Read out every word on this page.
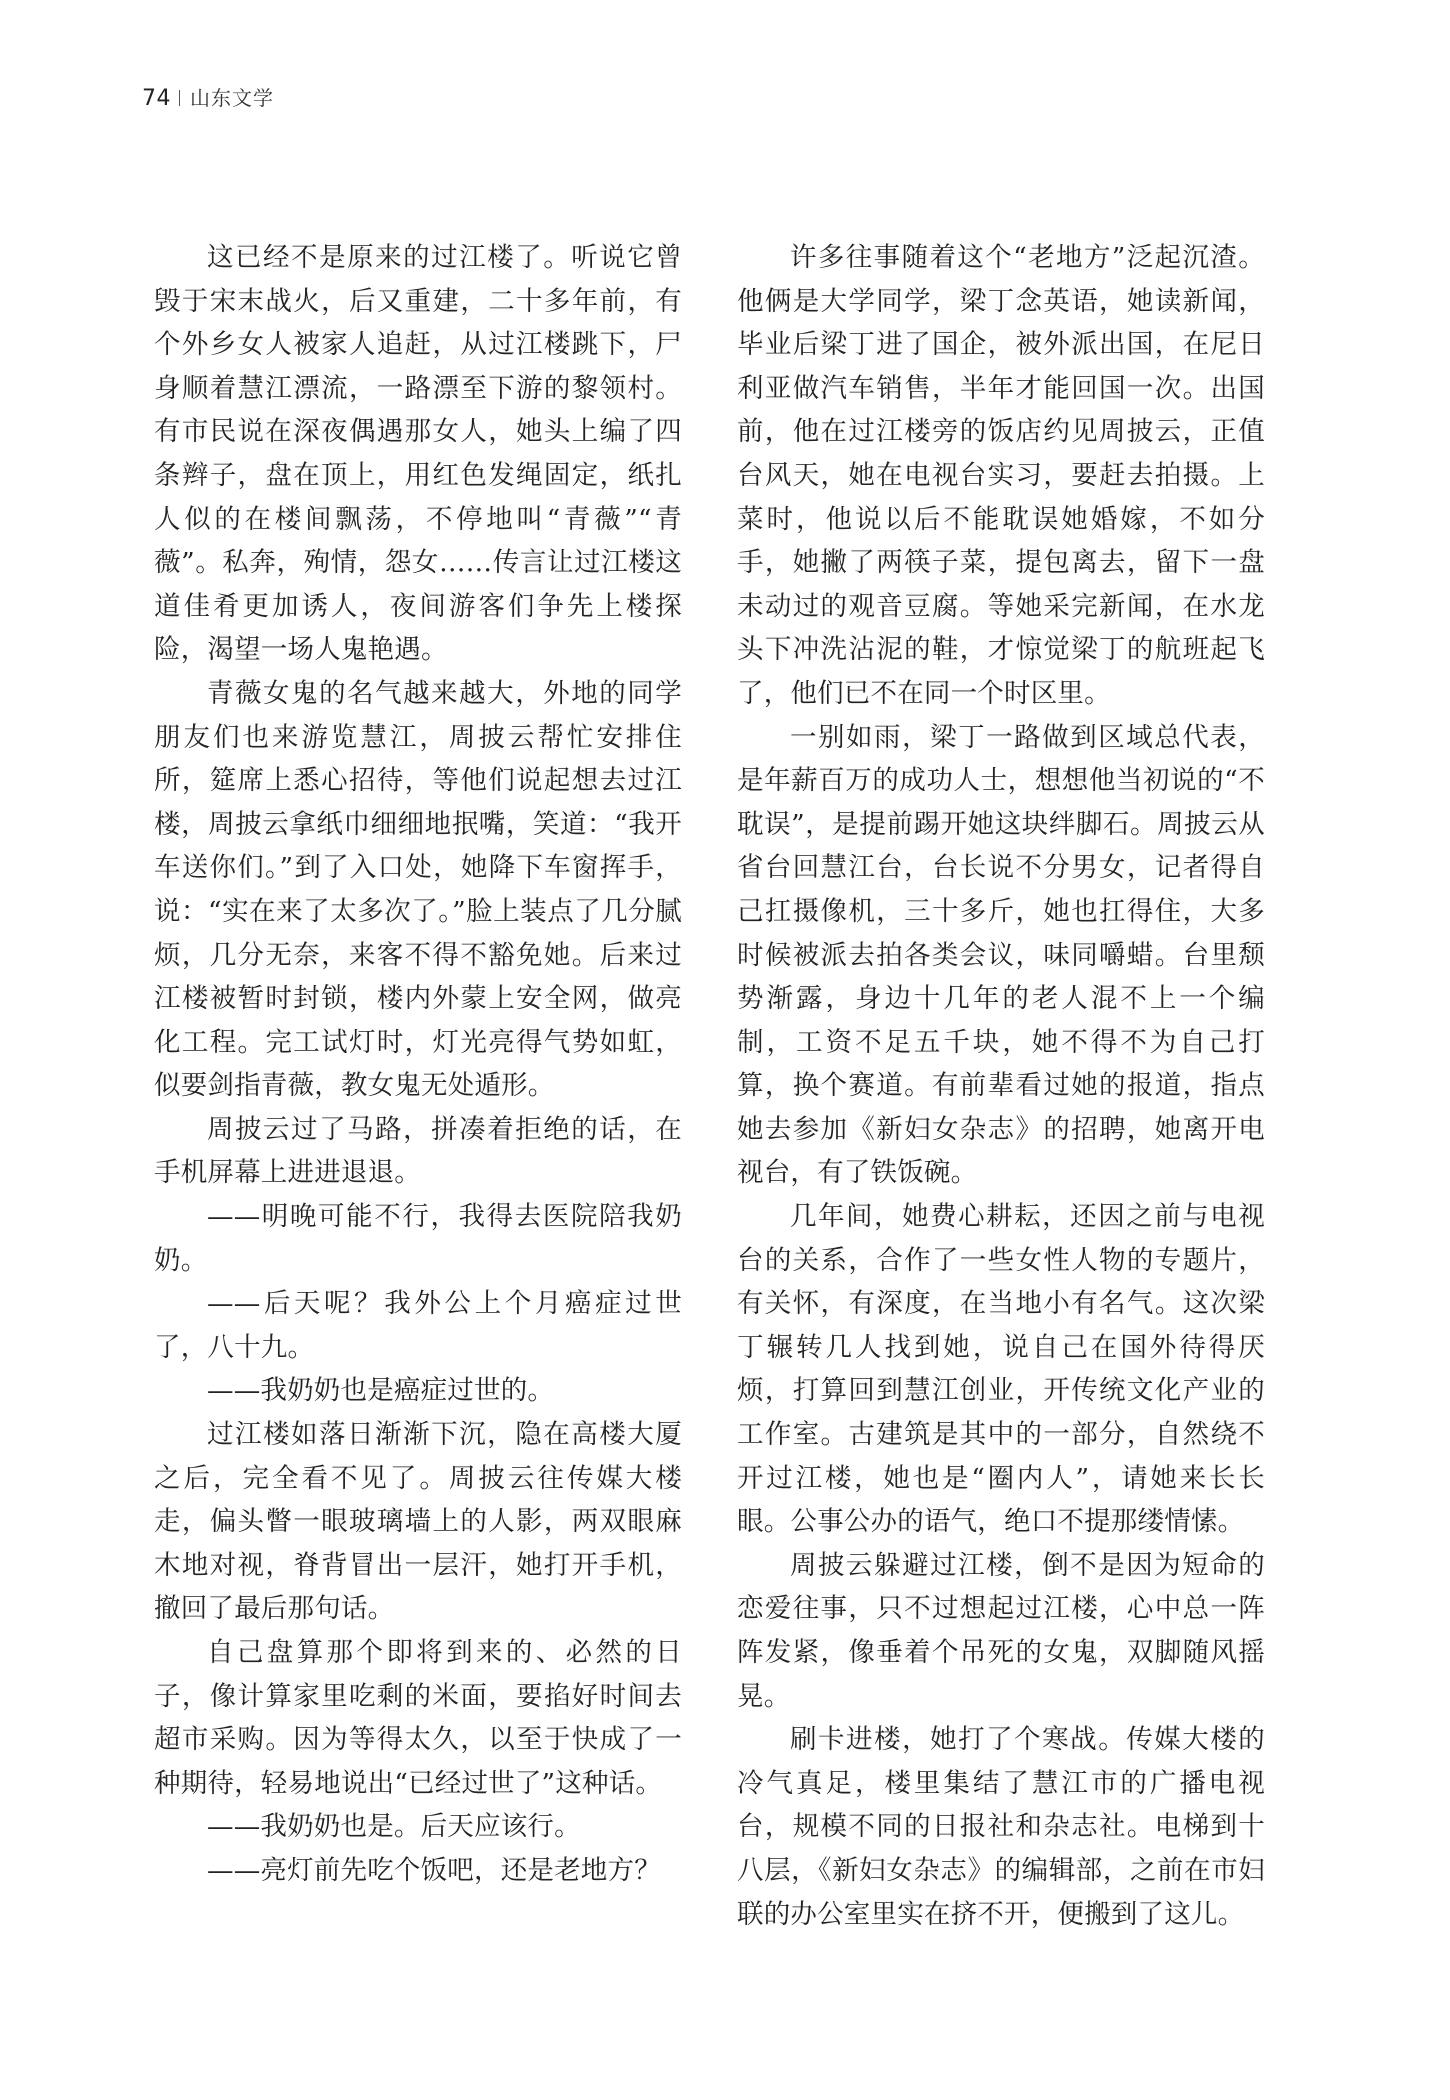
74 山东文学

这已经不是原来的过江楼了。听说它曾毁于宋末战火，后又重建，二十多年前，有个外乡女人被家人追赶，从过江楼跳下，尸身顺着慧江漂流，一路漂至下游的黎领村。有市民说在深夜偶遇那女人，她头上编了四条辫子，盘在顶上，用红色发绳固定，纸扎人似的在楼间飘荡，不停地叫“青薇”“青薇”。私奔，殉情，怨女……传言让过江楼这道佳肴更加诱人，夜间游客们争先上楼探险，渴望一场人鬼艳遇。

青薇女鬼的名气越来越大，外地的同学朋友们也来游览慧江，周披云帮忙安排住所，筵席上悉心招待，等他们说起想去过江楼，周披云拿纸巾细细地抿嘴，笑道：“我开车送你们。”到了入口处，她降下车窗挥手，说：“实在来了太多次了。”脸上装点了几分腻烦，几分无奈，来客不得不豁免她。后来过江楼被暂时封锁，楼内外蒙上安全网，做亮化工程。完工试灯时，灯光亮得气势如虹，似要剑指青薇，教女鬼无处遁形。

周披云过了马路，拼凑着拒绝的话，在手机屏幕上进进退退。

——明晚可能不行，我得去医院陪我奶奶。

——后天呢？我外公上个月癌症过世了，八十九。

——我奶奶也是癌症过世的。

过江楼如落日渐渐下沉，隐在高楼大厦之后，完全看不见了。周披云往传媒大楼走，偏头瞥一眼玻璃墙上的人影，两双眼麻木地对视，脊背冒出一层汗，她打开手机，撤回了最后那句话。

自己盘算那个即将到来的、必然的日子，像计算家里吃剩的米面，要掐好时间去超市采购。因为等得太久，以至于快成了一种期待，轻易地说出“已经过世了”这种话。

——我奶奶也是。后天应该行。

——亮灯前先吃个饭吧，还是老地方？

许多往事随着这个“老地方”泛起沉渣。他俩是大学同学，梁丁念英语，她读新闻，毕业后梁丁进了国企，被外派出国，在尼日利亚做汽车销售，半年才能回国一次。出国前，他在过江楼旁的饭店约见周披云，正值台风天，她在电视台实习，要赶去拍摄。上菜时，他说以后不能耽误她婚嫁，不如分手，她撇了两筷子菜，提包离去，留下一盘未动过的观音豆腐。等她采完新闻，在水龙头下冲洗沾泥的鞋，才惊觉梁丁的航班起飞了，他们已不在同一个时区里。

一别如雨，梁丁一路做到区域总代表，是年薪百万的成功人士，想想他当初说的“不耽误”，是提前踢开她这块绊脚石。周披云从省台回慧江台，台长说不分男女，记者得自己扛摄像机，三十多斤，她也扛得住，大多时候被派去拍各类会议，味同嚼蜡。台里颓势渐露，身边十几年的老人混不上一个编制，工资不足五千块，她不得不为自己打算，换个赛道。有前辈看过她的报道，指点她去参加《新妇女杂志》的招聘，她离开电视台，有了铁饭碗。

几年间，她费心耕耘，还因之前与电视台的关系，合作了一些女性人物的专题片，有关怀，有深度，在当地小有名气。这次梁丁辗转几人找到她，说自己在国外待得厌烦，打算回到慧江创业，开传统文化产业的工作室。古建筑是其中的一部分，自然绕不开过江楼，她也是“圈内人”，请她来长长眼。公事公办的语气，绝口不提那缕情愫。

周披云躲避过江楼，倒不是因为短命的恋爱往事，只不过想起过江楼，心中总一阵阵发紧，像垂着个吊死的女鬼，双脚随风摇晃。

刷卡进楼，她打了个寒战。传媒大楼的冷气真足，楼里集结了慧江市的广播电视台，规模不同的日报社和杂志社。电梯到十八层，《新妇女杂志》的编辑部，之前在市妇联的办公室里实在挤不开，便搬到了这儿。
